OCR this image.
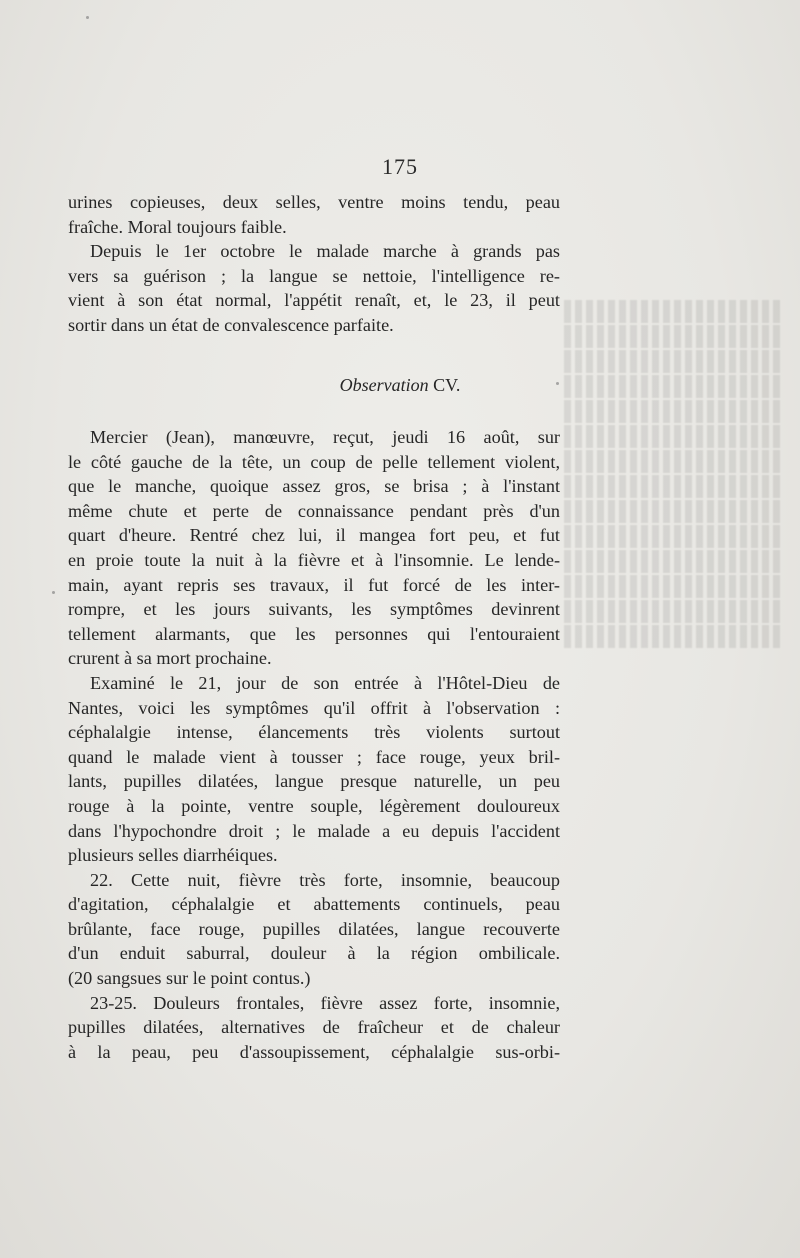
175
urines copieuses, deux selles, ventre moins tendu, peau
fraîche. Moral toujours faible.
Depuis le 1er octobre le malade marche à grands pas
vers sa guérison ; la langue se nettoie, l'intelligence re-
vient à son état normal, l'appétit renaît, et, le 23, il peut
sortir dans un état de convalescence parfaite.
Observation CV.
Mercier (Jean), manœuvre, reçut, jeudi 16 août, sur
le côté gauche de la tête, un coup de pelle tellement violent,
que le manche, quoique assez gros, se brisa ; à l'instant
même chute et perte de connaissance pendant près d'un
quart d'heure. Rentré chez lui, il mangea fort peu, et fut
en proie toute la nuit à la fièvre et à l'insomnie. Le lende-
main, ayant repris ses travaux, il fut forcé de les inter-
rompre, et les jours suivants, les symptômes devinrent
tellement alarmants, que les personnes qui l'entouraient
crurent à sa mort prochaine.
Examiné le 21, jour de son entrée à l'Hôtel-Dieu de
Nantes, voici les symptômes qu'il offrit à l'observation :
céphalalgie intense, élancements très violents surtout
quand le malade vient à tousser ; face rouge, yeux bril-
lants, pupilles dilatées, langue presque naturelle, un peu
rouge à la pointe, ventre souple, légèrement douloureux
dans l'hypochondre droit ; le malade a eu depuis l'accident
plusieurs selles diarrhéiques.
22. Cette nuit, fièvre très forte, insomnie, beaucoup
d'agitation, céphalalgie et abattements continuels, peau
brûlante, face rouge, pupilles dilatées, langue recouverte
d'un enduit saburral, douleur à la région ombilicale.
(20 sangsues sur le point contus.)
23-25. Douleurs frontales, fièvre assez forte, insomnie,
pupilles dilatées, alternatives de fraîcheur et de chaleur
à la peau, peu d'assoupissement, céphalalgie sus-orbi-
